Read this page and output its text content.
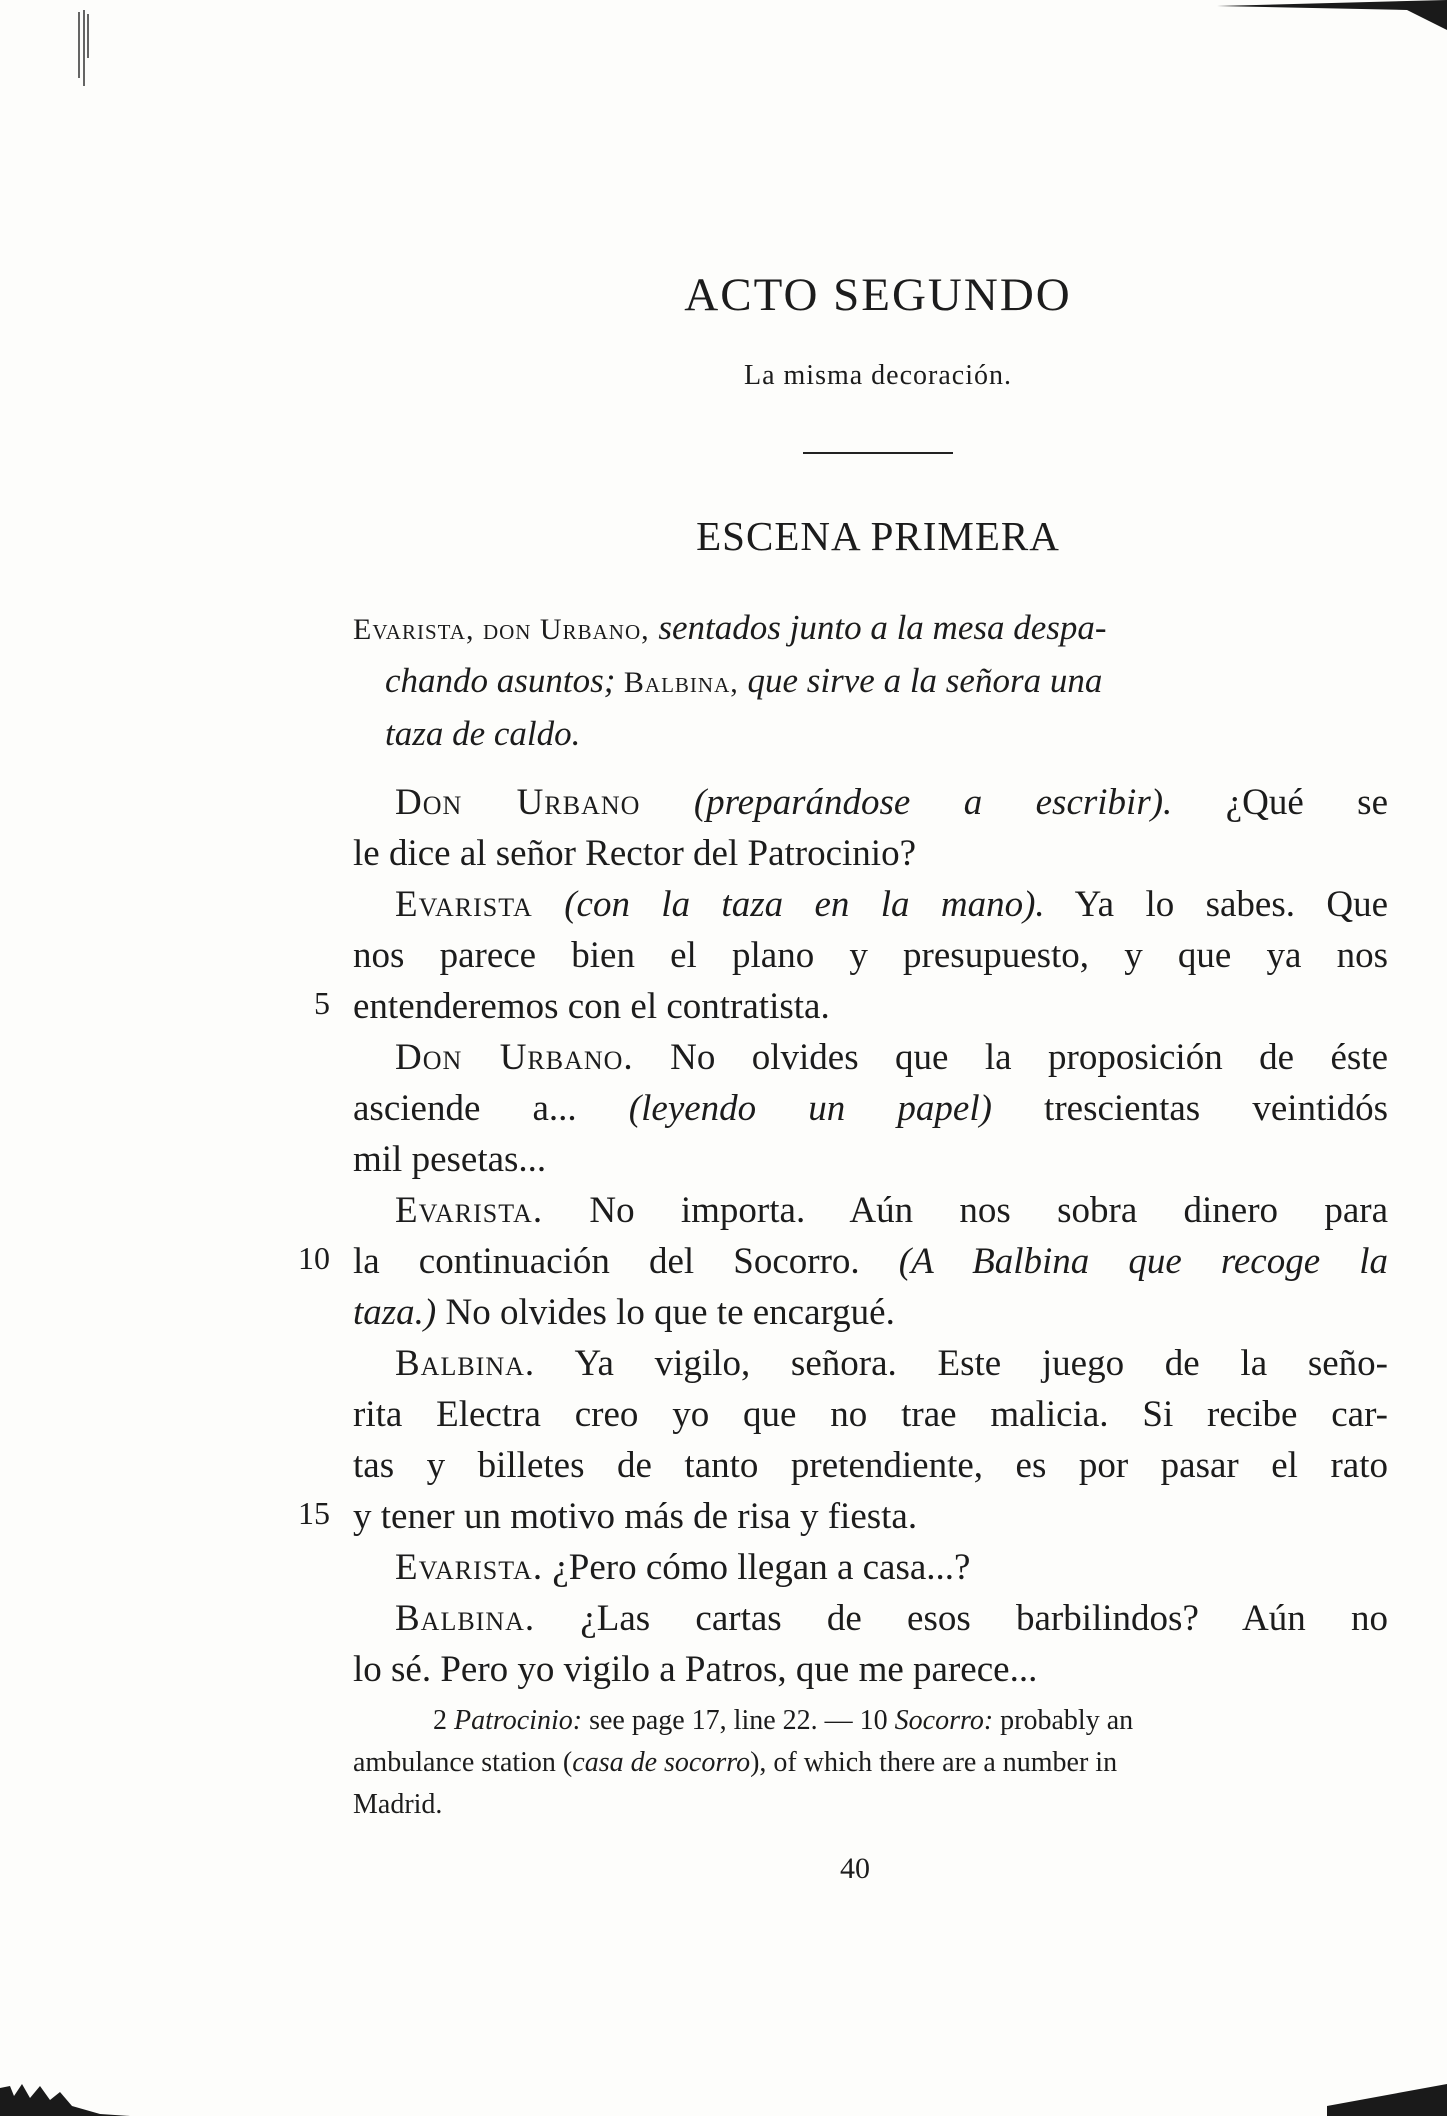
ACTO SEGUNDO
La misma decoración.
ESCENA PRIMERA
Evarista, don Urbano, sentados junto a la mesa despa-
chando asuntos; Balbina, que sirve a la señora una
taza de caldo.
Don Urbano (preparándose a escribir). ¿Qué se
le dice al señor Rector del Patrocinio?
Evarista (con la taza en la mano). Ya lo sabes. Que
nos parece bien el plano y presupuesto, y que ya nos
entenderemos con el contratista.
Don Urbano. No olvides que la proposición de éste
asciende a... (leyendo un papel) trescientas veintidós
mil pesetas...
Evarista. No importa. Aún nos sobra dinero para
la continuación del Socorro. (A Balbina que recoge la
taza.) No olvides lo que te encargué.
Balbina. Ya vigilo, señora. Este juego de la seño-
rita Electra creo yo que no trae malicia. Si recibe car-
tas y billetes de tanto pretendiente, es por pasar el rato
y tener un motivo más de risa y fiesta.
Evarista. ¿Pero cómo llegan a casa...?
Balbina. ¿Las cartas de esos barbilindos? Aún no
lo sé. Pero yo vigilo a Patros, que me parece...
5
10
15
2 Patrocinio: see page 17, line 22. — 10 Socorro: probably an
ambulance station (casa de socorro), of which there are a number in
Madrid.
40
